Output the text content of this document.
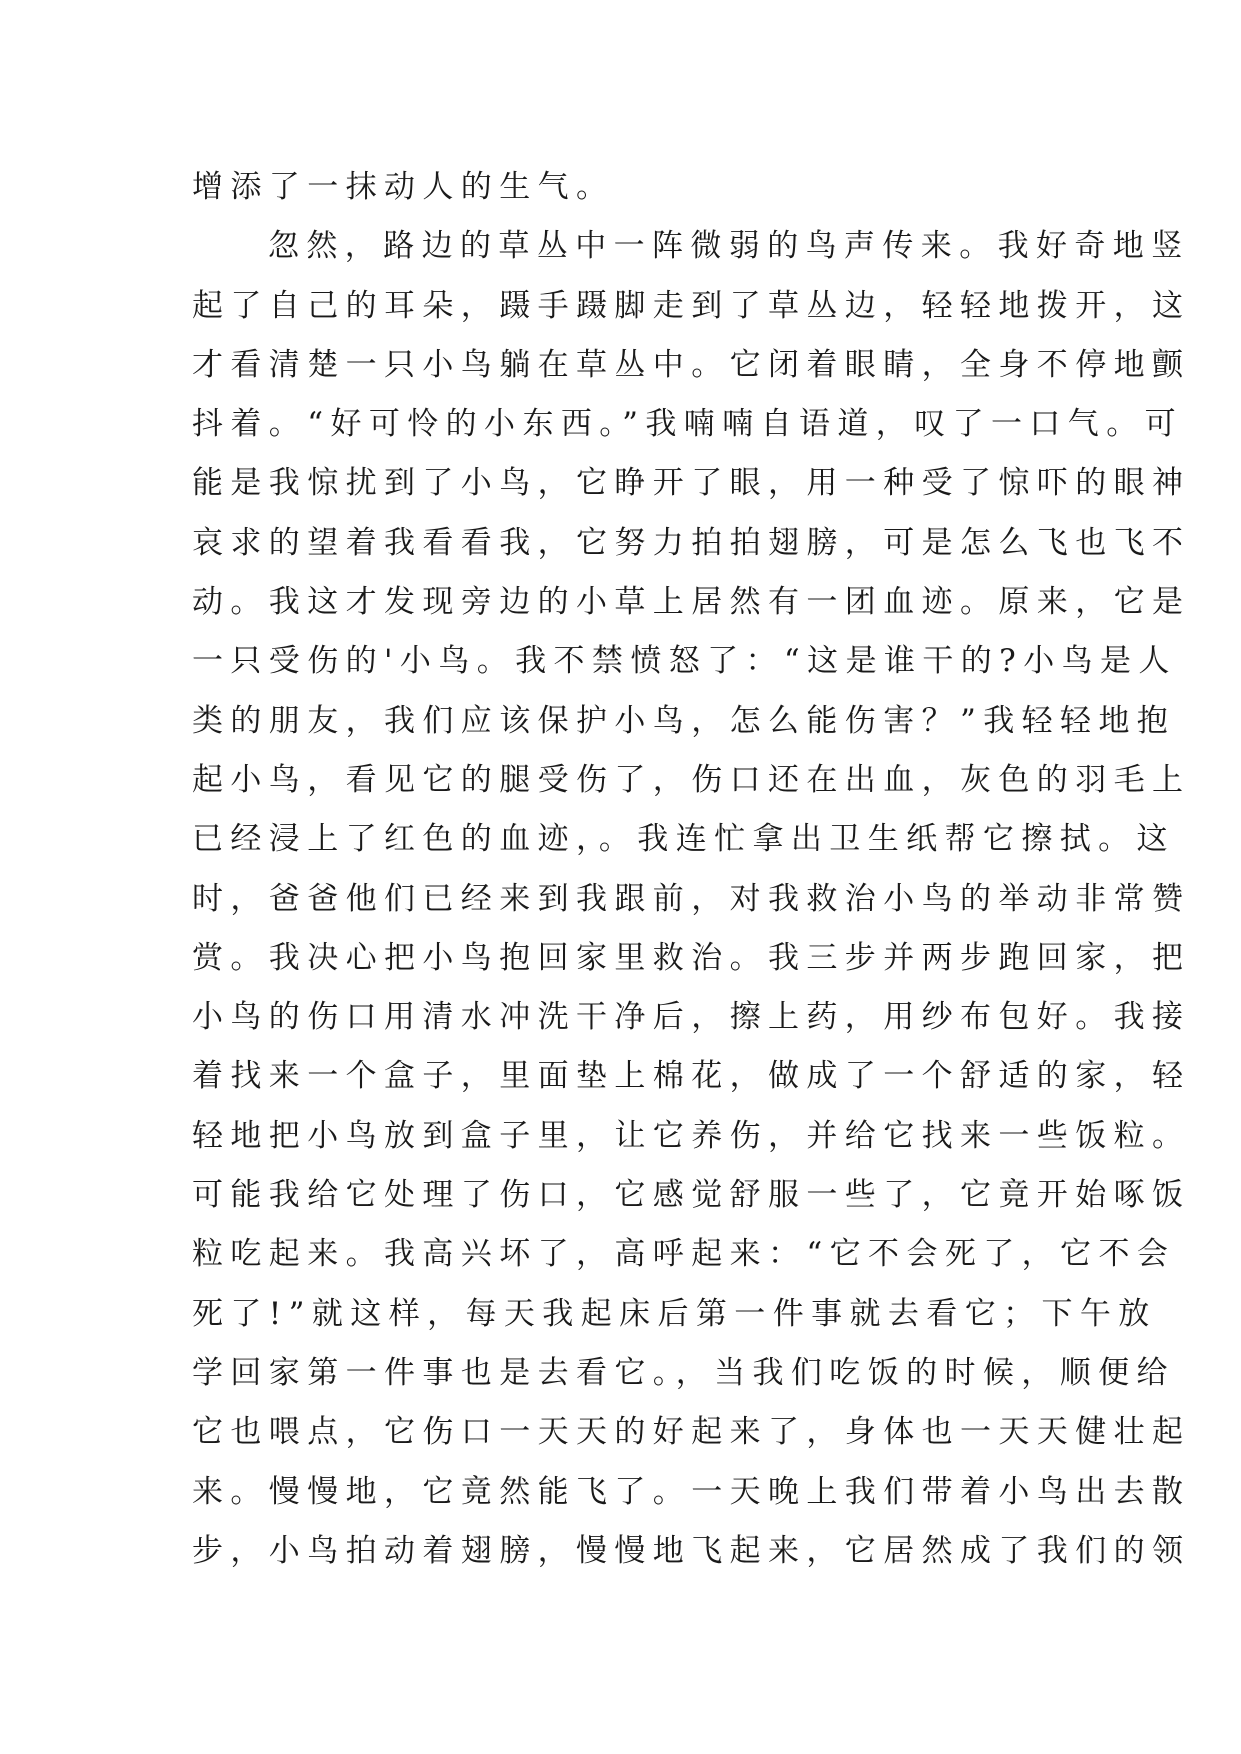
增添了一抹动人的生气。
忽然，路边的草丛中一阵微弱的鸟声传来。我好奇地竖
起了自己的耳朵，蹑手蹑脚走到了草丛边，轻轻地拨开，这
才看清楚一只小鸟躺在草丛中。它闭着眼睛，全身不停地颤
抖着。“好可怜的小东西。”我喃喃自语道，叹了一口气。可
能是我惊扰到了小鸟，它睁开了眼，用一种受了惊吓的眼神
哀求的望着我看看我，它努力拍拍翅膀，可是怎么飞也飞不
动。我这才发现旁边的小草上居然有一团血迹。原来，它是
一只受伤的'小鸟。我不禁愤怒了：“这是谁干的?小鸟是人
类的朋友，我们应该保护小鸟，怎么能伤害？”我轻轻地抱
起小鸟，看见它的腿受伤了，伤口还在出血，灰色的羽毛上
已经浸上了红色的血迹，。我连忙拿出卫生纸帮它擦拭。这
时，爸爸他们已经来到我跟前，对我救治小鸟的举动非常赞
赏。我决心把小鸟抱回家里救治。我三步并两步跑回家，把
小鸟的伤口用清水冲洗干净后，擦上药，用纱布包好。我接
着找来一个盒子，里面垫上棉花，做成了一个舒适的家，轻
轻地把小鸟放到盒子里，让它养伤，并给它找来一些饭粒。
可能我给它处理了伤口，它感觉舒服一些了，它竟开始啄饭
粒吃起来。我高兴坏了，高呼起来：“它不会死了，它不会
死了!”就这样，每天我起床后第一件事就去看它；下午放
学回家第一件事也是去看它。，当我们吃饭的时候，顺便给
它也喂点，它伤口一天天的好起来了，身体也一天天健壮起
来。慢慢地，它竟然能飞了。一天晚上我们带着小鸟出去散
步，小鸟拍动着翅膀，慢慢地飞起来，它居然成了我们的领
